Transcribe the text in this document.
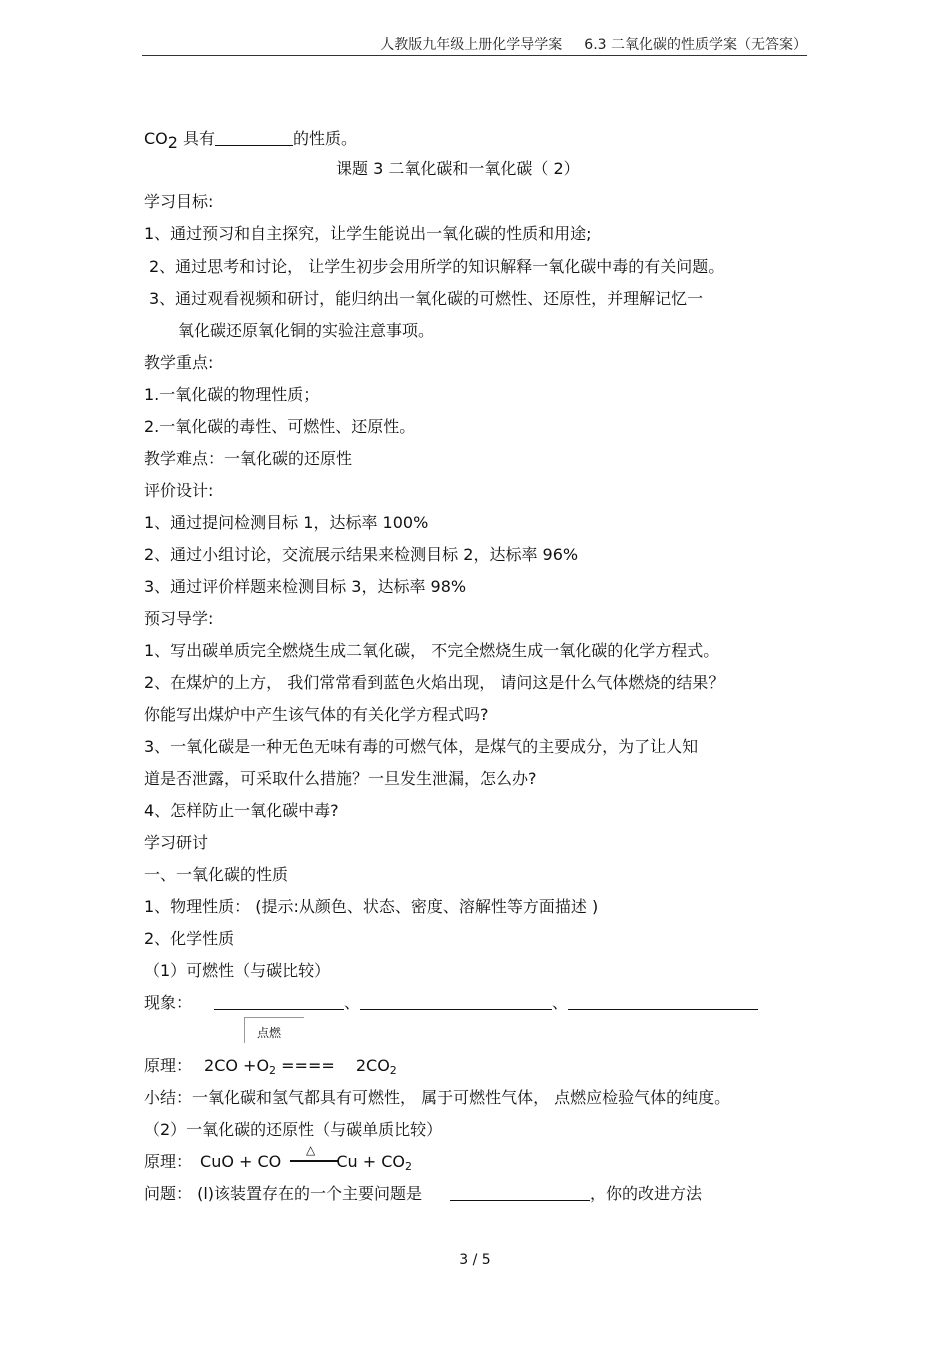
人教版九年级上册化学导学案 6.3 二氧化碳的性质学案（无答案）
$CO_2$ 具有	的性质。
课题 3 二氧化碳和一氧化碳（ 2）
学习目标:
1、通过预习和自主探究，让学生能说出一氧化碳的性质和用途;
2、通过思考和讨论， 让学生初步会用所学的知识解释一氧化碳中毒的有关问题。
3、通过观看视频和研讨，能归纳出一氧化碳的可燃性、还原性，并理解记忆一
氧化碳还原氧化铜的实验注意事项。
教学重点:
1.一氧化碳的物理性质；
2.一氧化碳的毒性、可燃性、还原性。
教学难点：一氧化碳的还原性
评价设计:
1、通过提问检测目标 1，达标率 100%
2、通过小组讨论，交流展示结果来检测目标 2，达标率 96%
3、通过评价样题来检测目标 3，达标率 98%
预习导学:
1、写出碳单质完全燃烧生成二氧化碳， 不完全燃烧生成一氧化碳的化学方程式。
2、在煤炉的上方， 我们常常看到蓝色火焰出现， 请问这是什么气体燃烧的结果？
你能写出煤炉中产生该气体的有关化学方程式吗?
3、一氧化碳是一种无色无味有毒的可燃气体，是煤气的主要成分，为了让人知
道是否泄露，可采取什么措施？一旦发生泄漏，怎么办?
4、怎样防止一氧化碳中毒?
学习研讨
一、一氧化碳的性质
1、物理性质： (提示:从颜色、状态、密度、溶解性等方面描述 )
2、化学性质
（1）可燃性（与碳比较）
现象：	、	、
点燃
原理： $2CO +O_2$ ==== $2CO_2$
小结：一氧化碳和氢气都具有可燃性， 属于可燃性气体， 点燃应检验气体的纯度。
（2）一氧化碳的还原性（与碳单质比较）
△
原理： CuO + CO	$Cu + CO_2$
问题： (l)该装置存在的一个主要问题是	，你的改进方法
3 / 5
